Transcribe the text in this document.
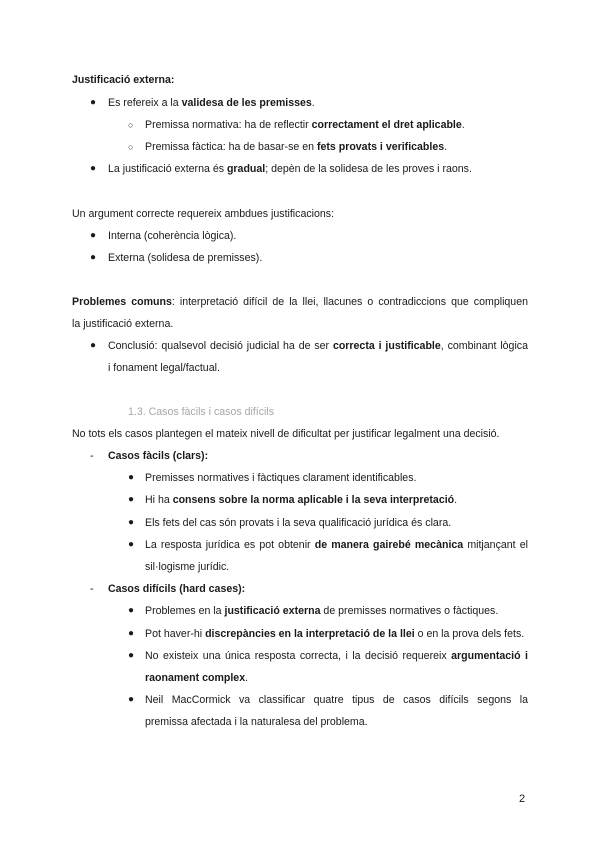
Justificació externa:
● Es refereix a la validesa de les premisses.
○ Premissa normativa: ha de reflectir correctament el dret aplicable.
○ Premissa fàctica: ha de basar-se en fets provats i verificables.
● La justificació externa és gradual; depèn de la solidesa de les proves i raons.
Un argument correcte requereix ambdues justificacions:
● Interna (coherència lògica).
● Externa (solidesa de premisses).
Problemes comuns: interpretació difícil de la llei, llacunes o contradiccions que compliquen
la justificació externa.
● Conclusió: qualsevol decisió judicial ha de ser correcta i justificable, combinant lògica
i fonament legal/factual.
1.3. Casos fàcils i casos difícils
No tots els casos plantegen el mateix nivell de dificultat per justificar legalment una decisió.
- Casos fàcils (clars):
● Premisses normatives i fàctiques clarament identificables.
● Hi ha consens sobre la norma aplicable i la seva interpretació.
● Els fets del cas són provats i la seva qualificació jurídica és clara.
● La resposta jurídica es pot obtenir de manera gairebé mecànica mitjançant el
sil·logisme jurídic.
- Casos difícils (hard cases):
● Problemes en la justificació externa de premisses normatives o fàctiques.
● Pot haver-hi discrepàncies en la interpretació de la llei o en la prova dels fets.
● No existeix una única resposta correcta, i la decisió requereix argumentació i
raonament complex.
● Neil MacCormick va classificar quatre tipus de casos difícils segons la
premissa afectada i la naturalesa del problema.
2
